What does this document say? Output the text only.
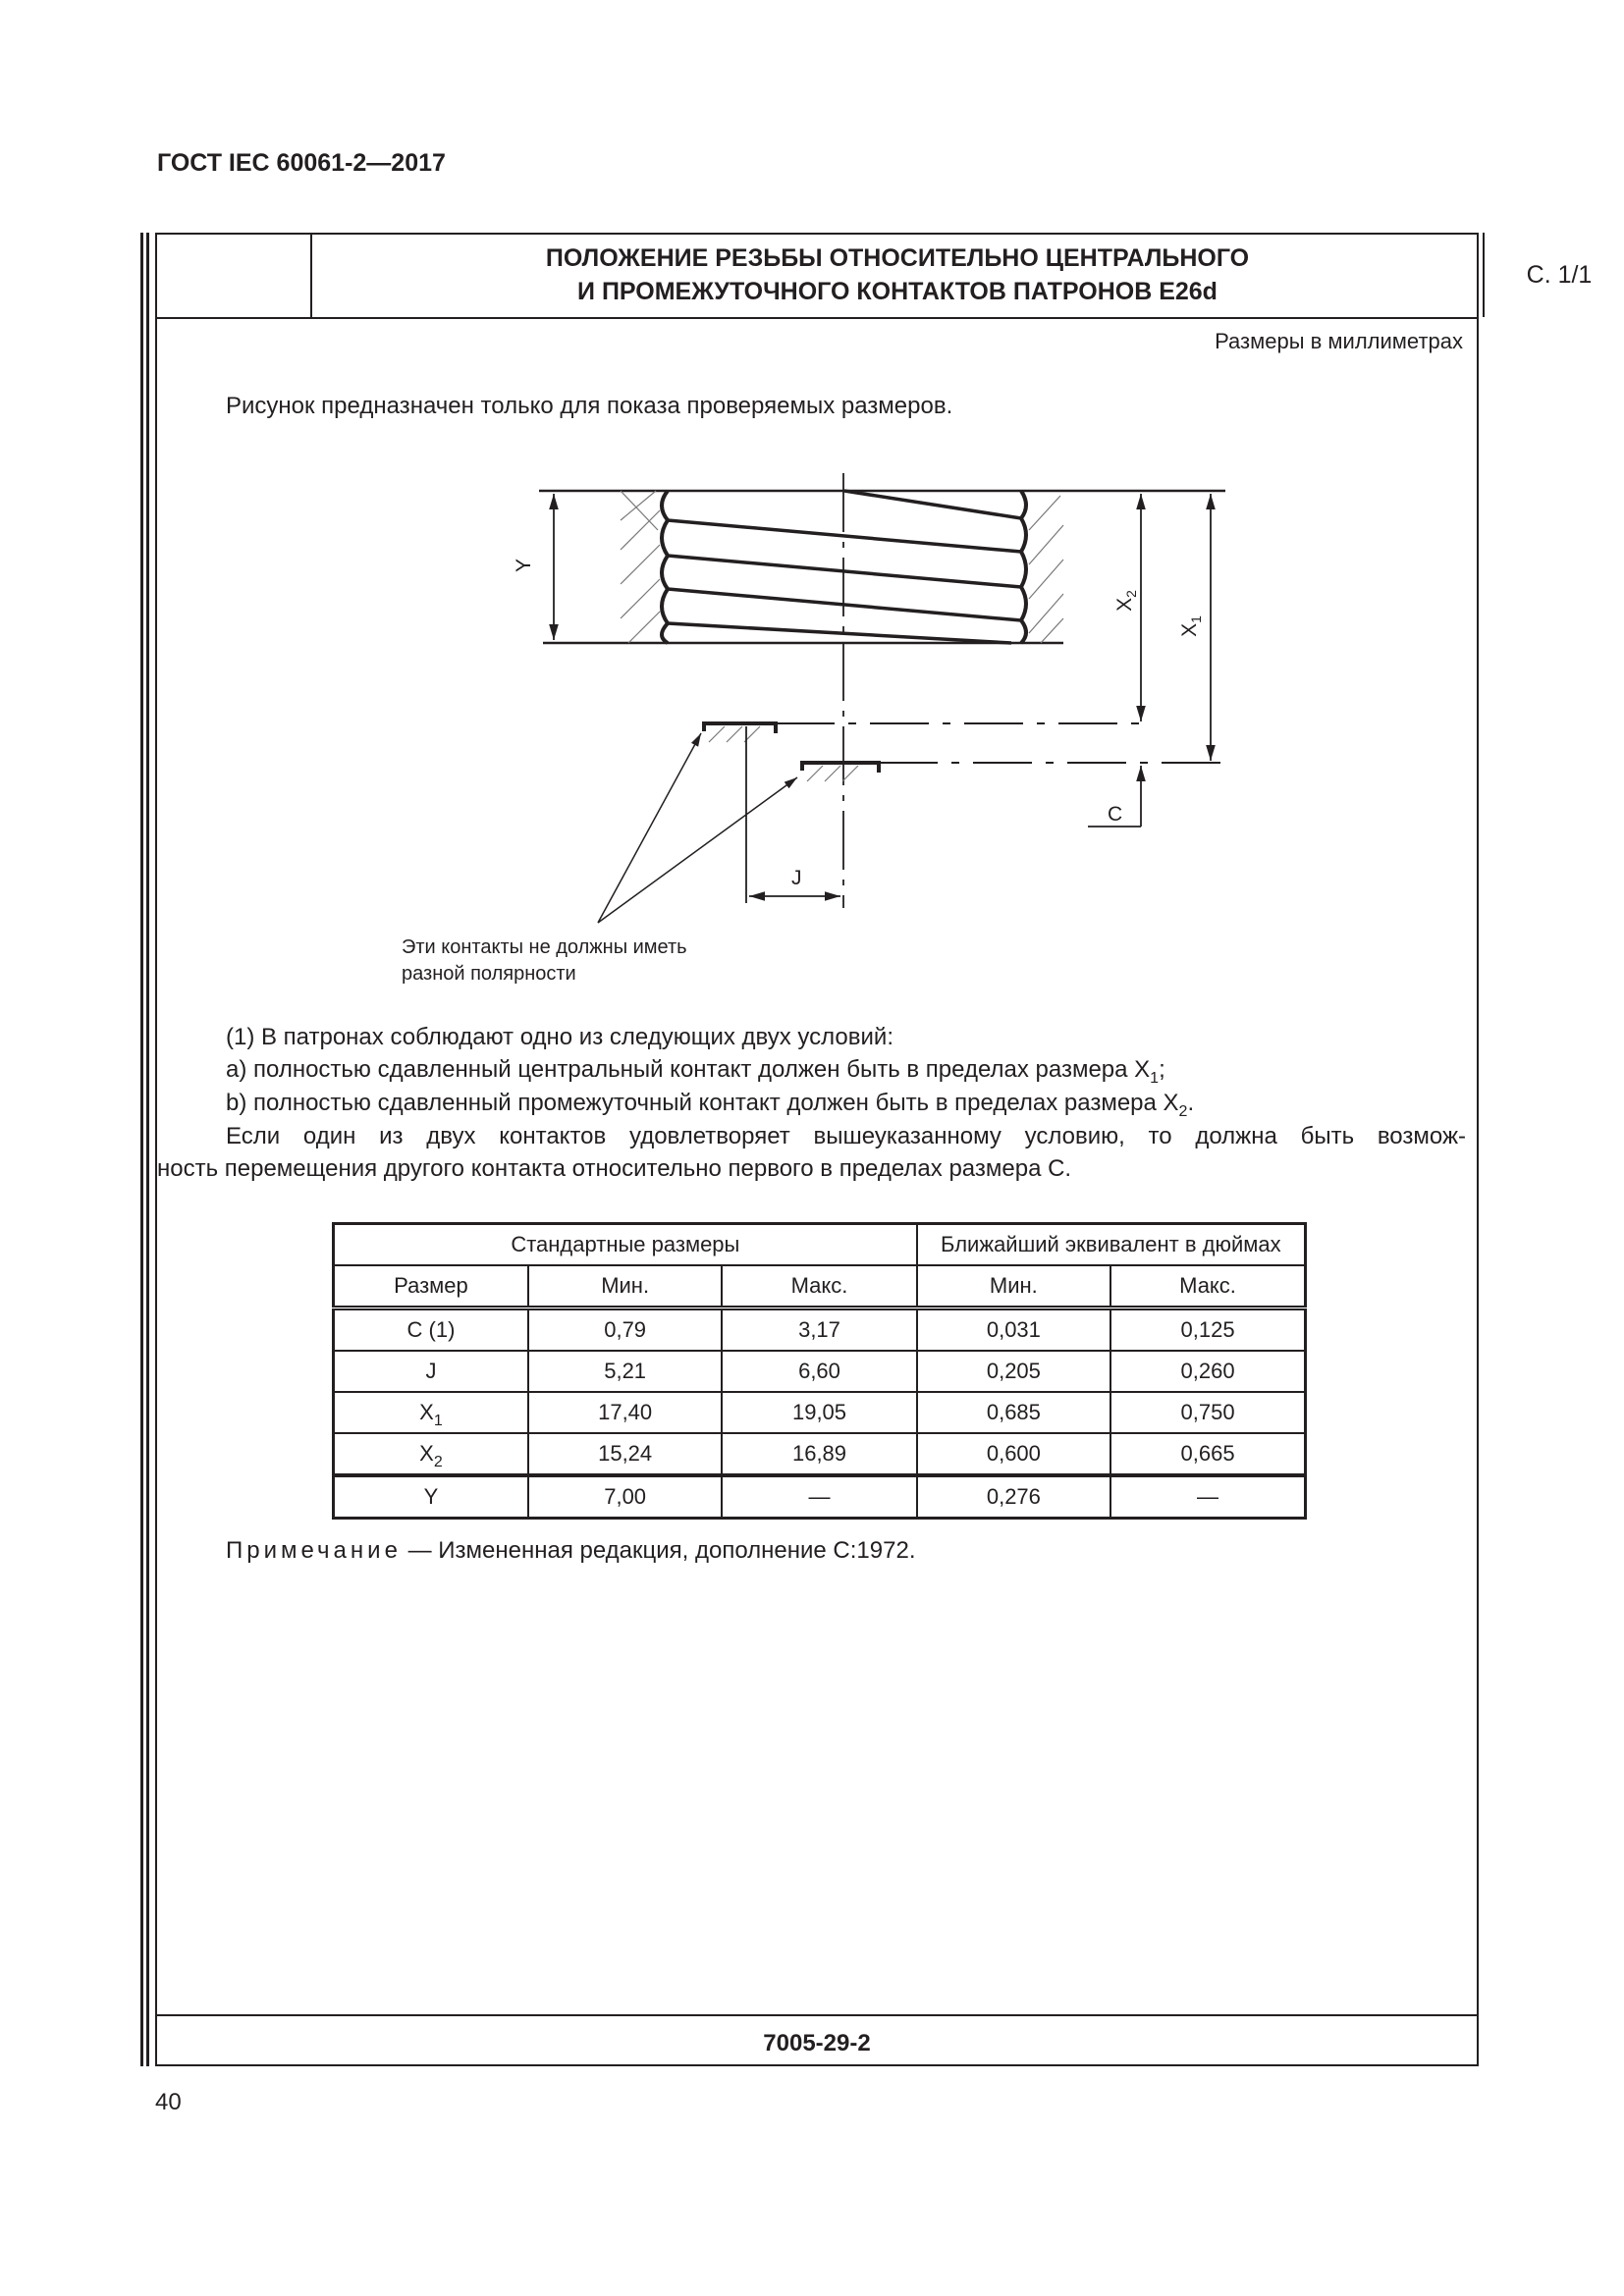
ГОСТ IEC 60061-2—2017
ПОЛОЖЕНИЕ РЕЗЬБЫ ОТНОСИТЕЛЬНО ЦЕНТРАЛЬНОГО
И ПРОМЕЖУТОЧНОГО КОНТАКТОВ ПАТРОНОВ E26d
С. 1/1
Размеры в миллиметрах
Рисунок предназначен только для показа проверяемых размеров.
Y
$X_2$
$X_1$
C
J
Эти контакты не должны иметь
разной полярности
(1) В патронах соблюдают одно из следующих двух условий:
а) полностью сдавленный центральный контакт должен быть в пределах размера $X_1$;
b) полностью сдавленный промежуточный контакт должен быть в пределах размера $X_2$.
Если один из двух контактов удовлетворяет вышеуказанному условию, то должна быть возмож-
ность перемещения другого контакта относительно первого в пределах размера С.
Стандартные размеры			Ближайший эквивалент в дюймах	
Размер	Мин.	Макс.	Мин.	Макс.
C (1)	0,79	3,17	0,031	0,125
J	5,21	6,60	0,205	0,260
$X_1$	17,40	19,05	0,685	0,750
$X_2$	15,24	16,89	0,600	0,665
Y	7,00	—	0,276	—
Примечание — Измененная редакция, дополнение С:1972.
7005-29-2
40
